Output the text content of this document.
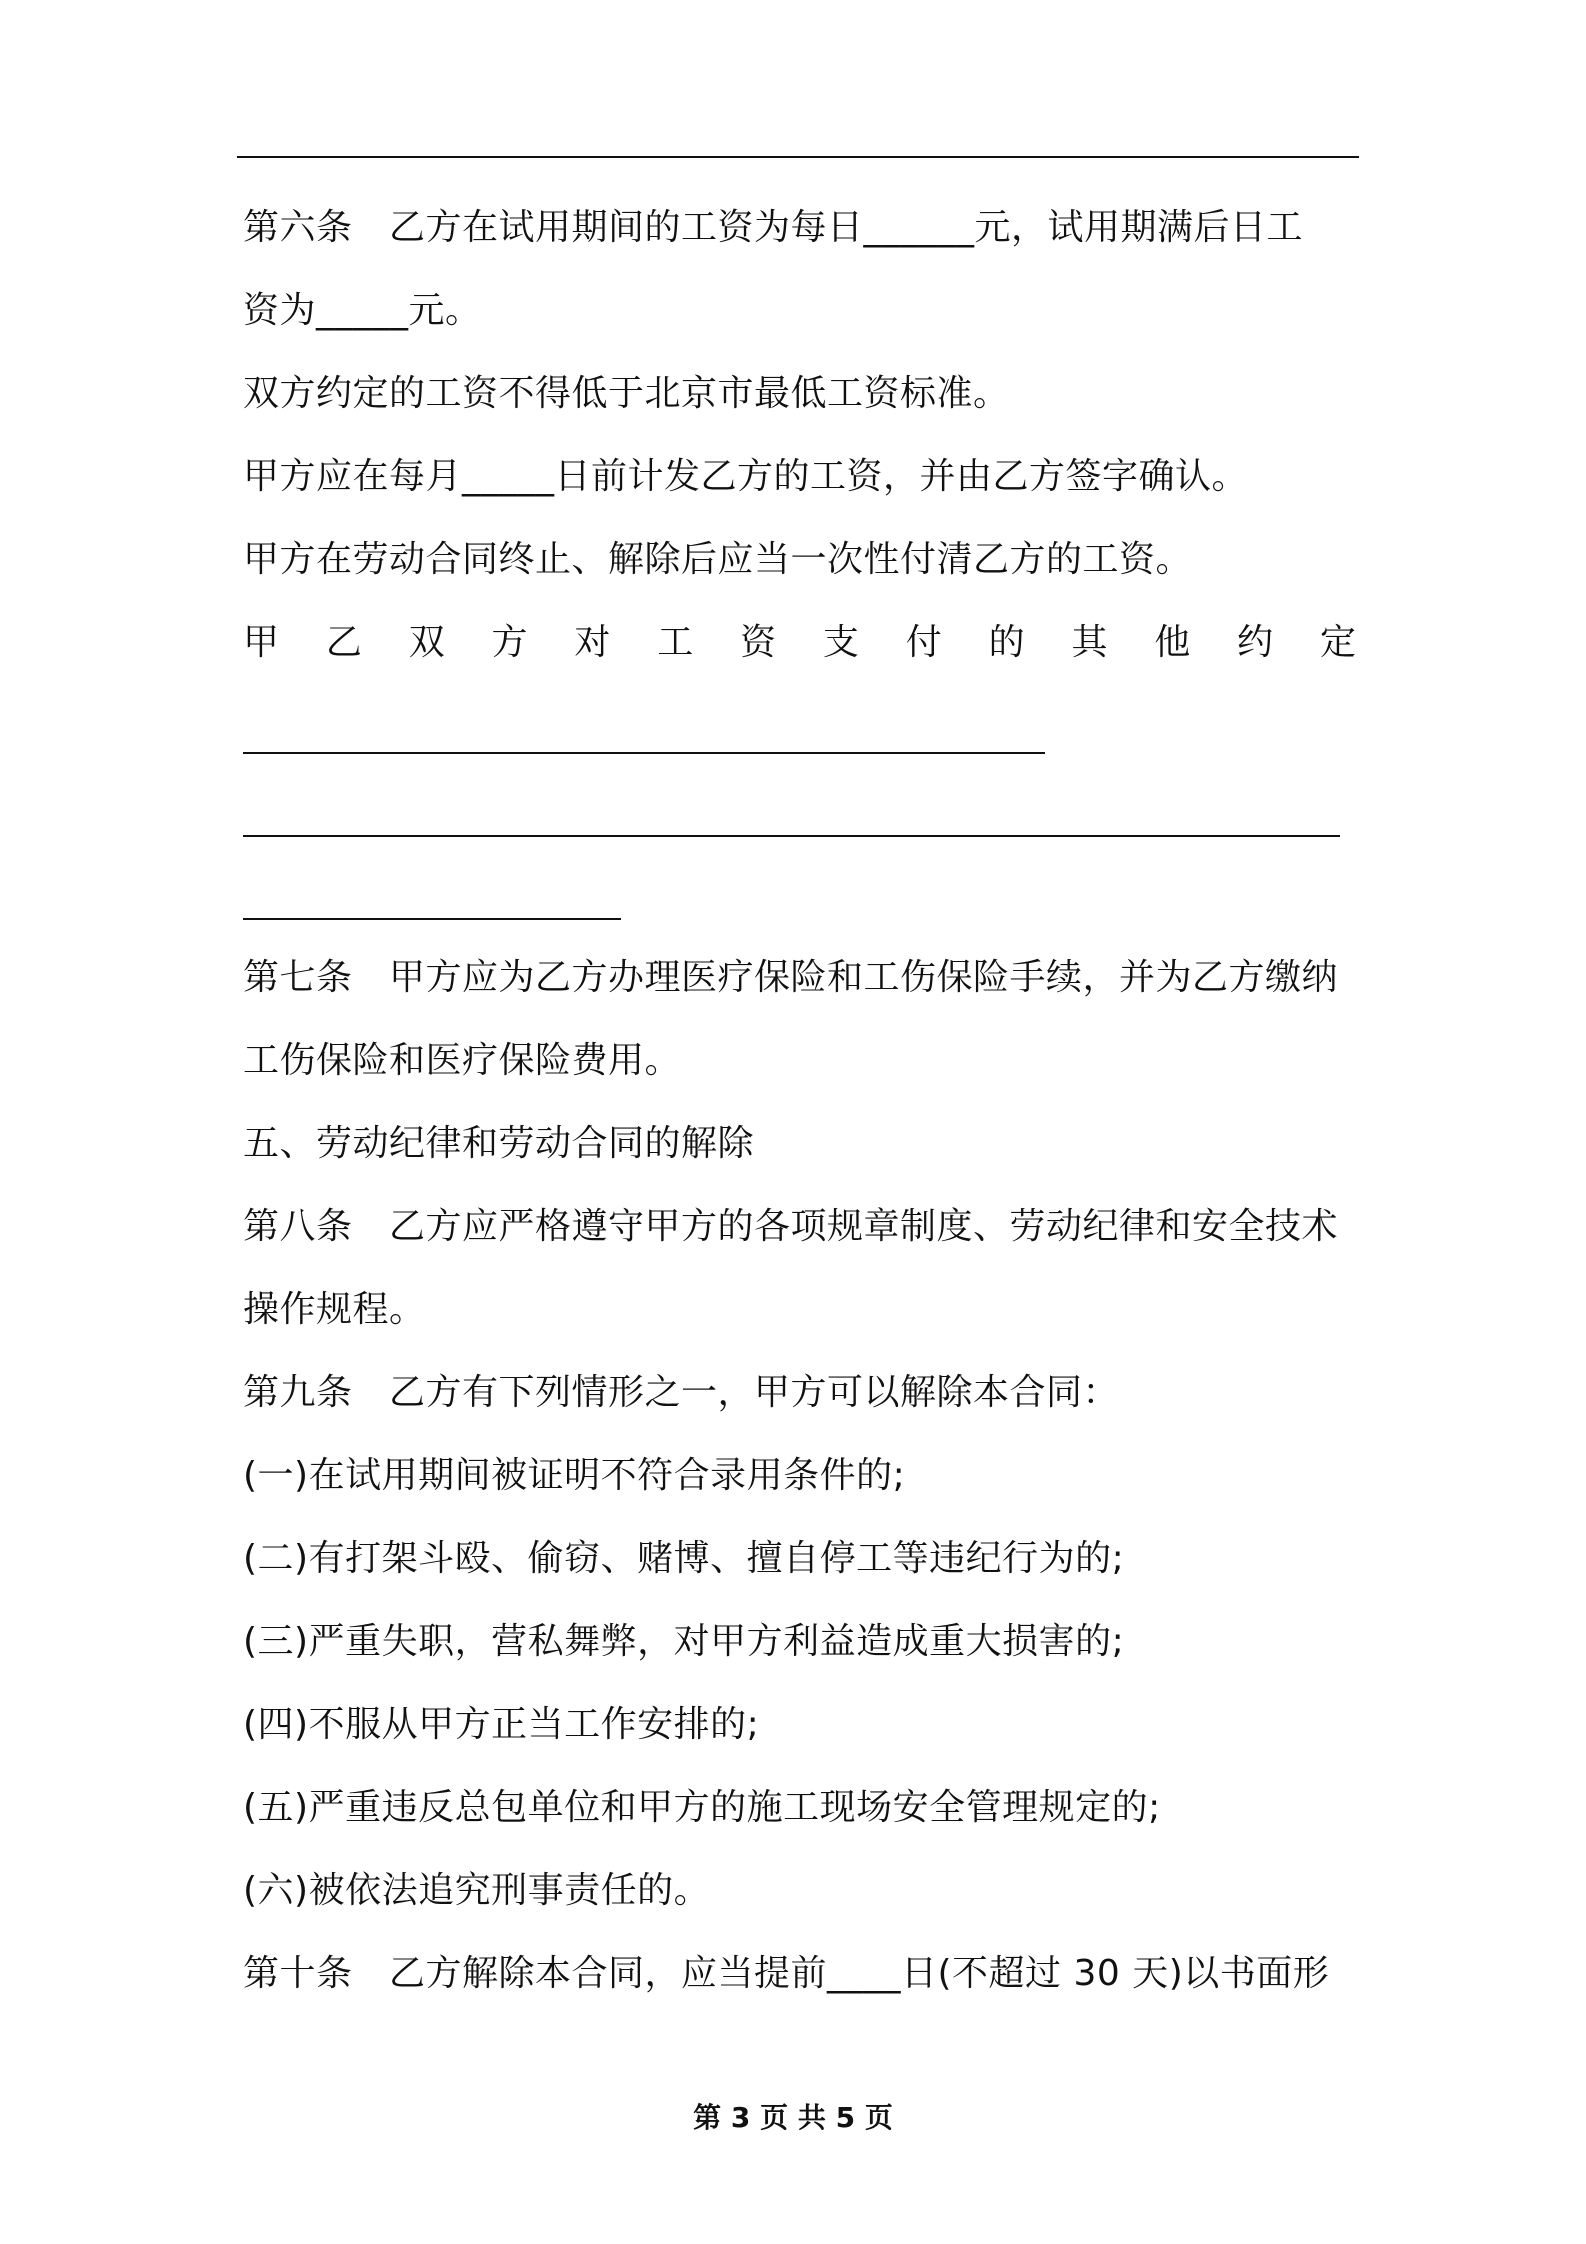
第六条　乙方在试用期间的工资为每日______元，试用期满后日工
资为_____元。
双方约定的工资不得低于北京市最低工资标准。
甲方应在每月_____日前计发乙方的工资，并由乙方签字确认。
甲方在劳动合同终止、解除后应当一次性付清乙方的工资。
甲 乙 双 方 对 工 资 支 付 的 其 他 约 定
第七条　甲方应为乙方办理医疗保险和工伤保险手续，并为乙方缴纳
工伤保险和医疗保险费用。
五、劳动纪律和劳动合同的解除
第八条　乙方应严格遵守甲方的各项规章制度、劳动纪律和安全技术
操作规程。
第九条　乙方有下列情形之一，甲方可以解除本合同：
(一)在试用期间被证明不符合录用条件的;
(二)有打架斗殴、偷窃、赌博、擅自停工等违纪行为的;
(三)严重失职，营私舞弊，对甲方利益造成重大损害的;
(四)不服从甲方正当工作安排的;
(五)严重违反总包单位和甲方的施工现场安全管理规定的;
(六)被依法追究刑事责任的。
第十条　乙方解除本合同，应当提前____日(不超过 30 天)以书面形
第 3 页 共 5 页
